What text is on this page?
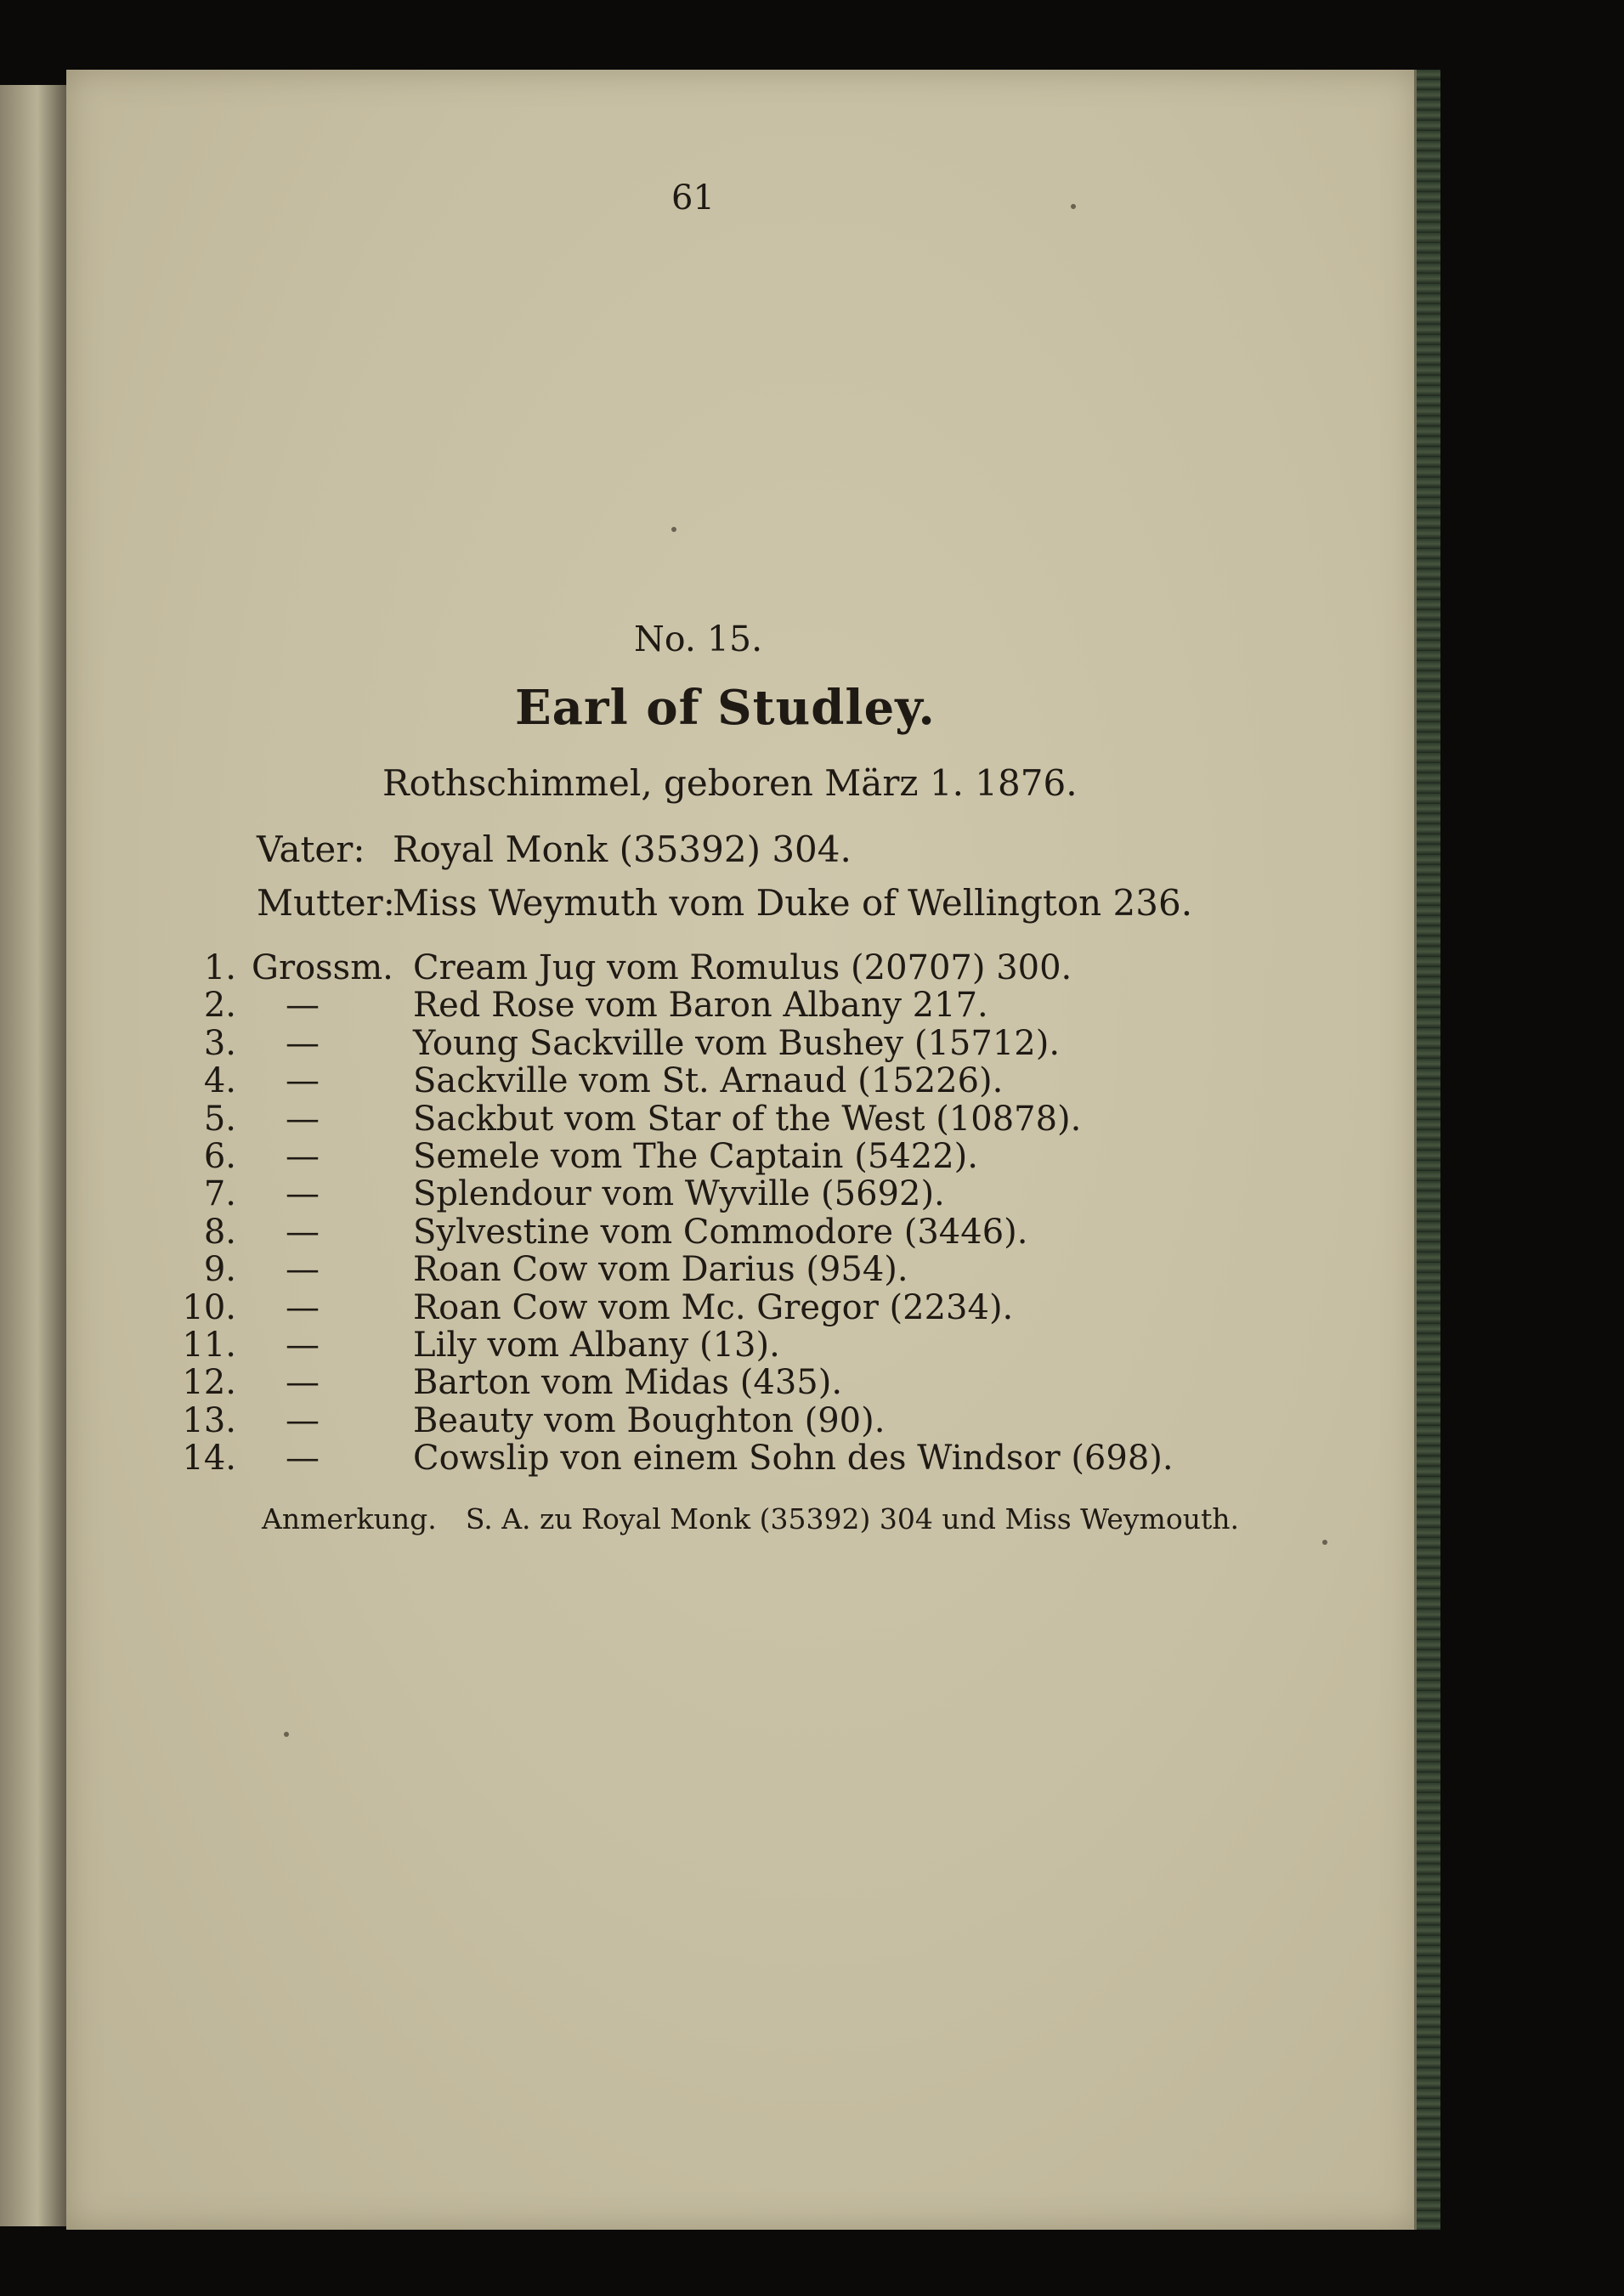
61
No. 15.
Earl of Studley.
Rothschimmel, geboren März 1. 1876.
Vater: Royal Monk (35392) 304.
Mutter:Miss Weymuth vom Duke of Wellington 236.
1. Grossm. Cream Jug vom Romulus (20707) 300.
2.	—	Red Rose vom Baron Albany 217.
3.	—	Young Sackville vom Bushey (15712).
4.	—	Sackville vom St. Arnaud (15226).
5.	—	Sackbut vom Star of the West (10878).
6.	—	Semele vom The Captain (5422).
7.	—	Splendour vom Wyville (5692).
8.	—	Sylvestine vom Commodore (3446).
9.	—	Roan Cow vom Darius (954).
10.	—	Roan Cow vom Mc. Gregor (2234).
11.	—	Lily vom Albany (13).
12.	—	Barton vom Midas (435).
13.	—	Beauty vom Boughton (90).
14.	—	Cowslip von einem Sohn des Windsor (698).
Anmerkung. S. A. zu Royal Monk (35392) 304 und Miss Weymouth.
